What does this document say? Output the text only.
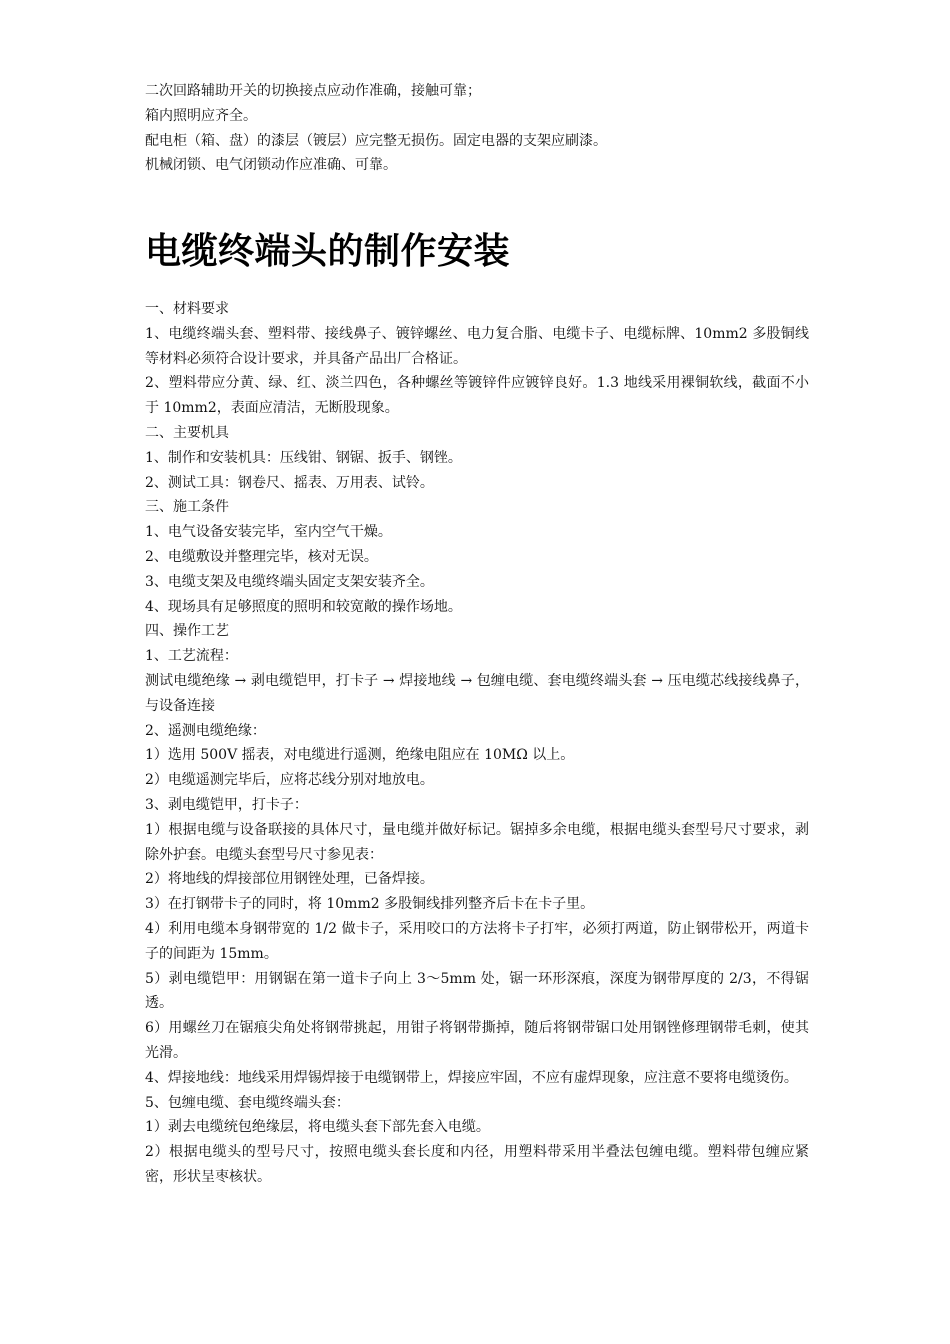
二次回路辅助开关的切换接点应动作准确，接触可靠；

箱内照明应齐全。

配电柜（箱、盘）的漆层（镀层）应完整无损伤。固定电器的支架应刷漆。

机械闭锁、电气闭锁动作应准确、可靠。

电缆终端头的制作安装

一、材料要求

1、电缆终端头套、塑料带、接线鼻子、镀锌螺丝、电力复合脂、电缆卡子、电缆标牌、10mm2 多股铜线等材料必须符合设计要求，并具备产品出厂合格证。

2、塑料带应分黄、绿、红、淡兰四色，各种螺丝等镀锌件应镀锌良好。1.3 地线采用裸铜软线，截面不小于 10mm2，表面应清洁，无断股现象。

二、主要机具

1、制作和安装机具：压线钳、钢锯、扳手、钢锉。

2、测试工具：钢卷尺、摇表、万用表、试铃。

三、施工条件

1、电气设备安装完毕，室内空气干燥。

2、电缆敷设并整理完毕，核对无误。

3、电缆支架及电缆终端头固定支架安装齐全。

4、现场具有足够照度的照明和较宽敞的操作场地。

四、操作工艺

1、工艺流程：

测试电缆绝缘 → 剥电缆铠甲，打卡子 → 焊接地线 → 包缠电缆、套电缆终端头套 → 压电缆芯线接线鼻子，与设备连接

2、遥测电缆绝缘：

1）选用 500V 摇表，对电缆进行遥测，绝缘电阻应在 10MΩ 以上。

2）电缆遥测完毕后，应将芯线分别对地放电。

3、剥电缆铠甲，打卡子：

1）根据电缆与设备联接的具体尺寸，量电缆并做好标记。锯掉多余电缆，根据电缆头套型号尺寸要求，剥除外护套。电缆头套型号尺寸参见表：

2）将地线的焊接部位用钢锉处理，已备焊接。

3）在打钢带卡子的同时，将 10mm2 多股铜线排列整齐后卡在卡子里。

4）利用电缆本身钢带宽的 1/2 做卡子，采用咬口的方法将卡子打牢，必须打两道，防止钢带松开，两道卡子的间距为 15mm。

5）剥电缆铠甲：用钢锯在第一道卡子向上 3～5mm 处，锯一环形深痕，深度为钢带厚度的 2/3，不得锯透。

6）用螺丝刀在锯痕尖角处将钢带挑起，用钳子将钢带撕掉，随后将钢带锯口处用钢锉修理钢带毛刺，使其光滑。

4、焊接地线：地线采用焊锡焊接于电缆钢带上，焊接应牢固，不应有虚焊现象，应注意不要将电缆烫伤。

5、包缠电缆、套电缆终端头套：

1）剥去电缆统包绝缘层，将电缆头套下部先套入电缆。

2）根据电缆头的型号尺寸，按照电缆头套长度和内径，用塑料带采用半叠法包缠电缆。塑料带包缠应紧密，形状呈枣核状。
